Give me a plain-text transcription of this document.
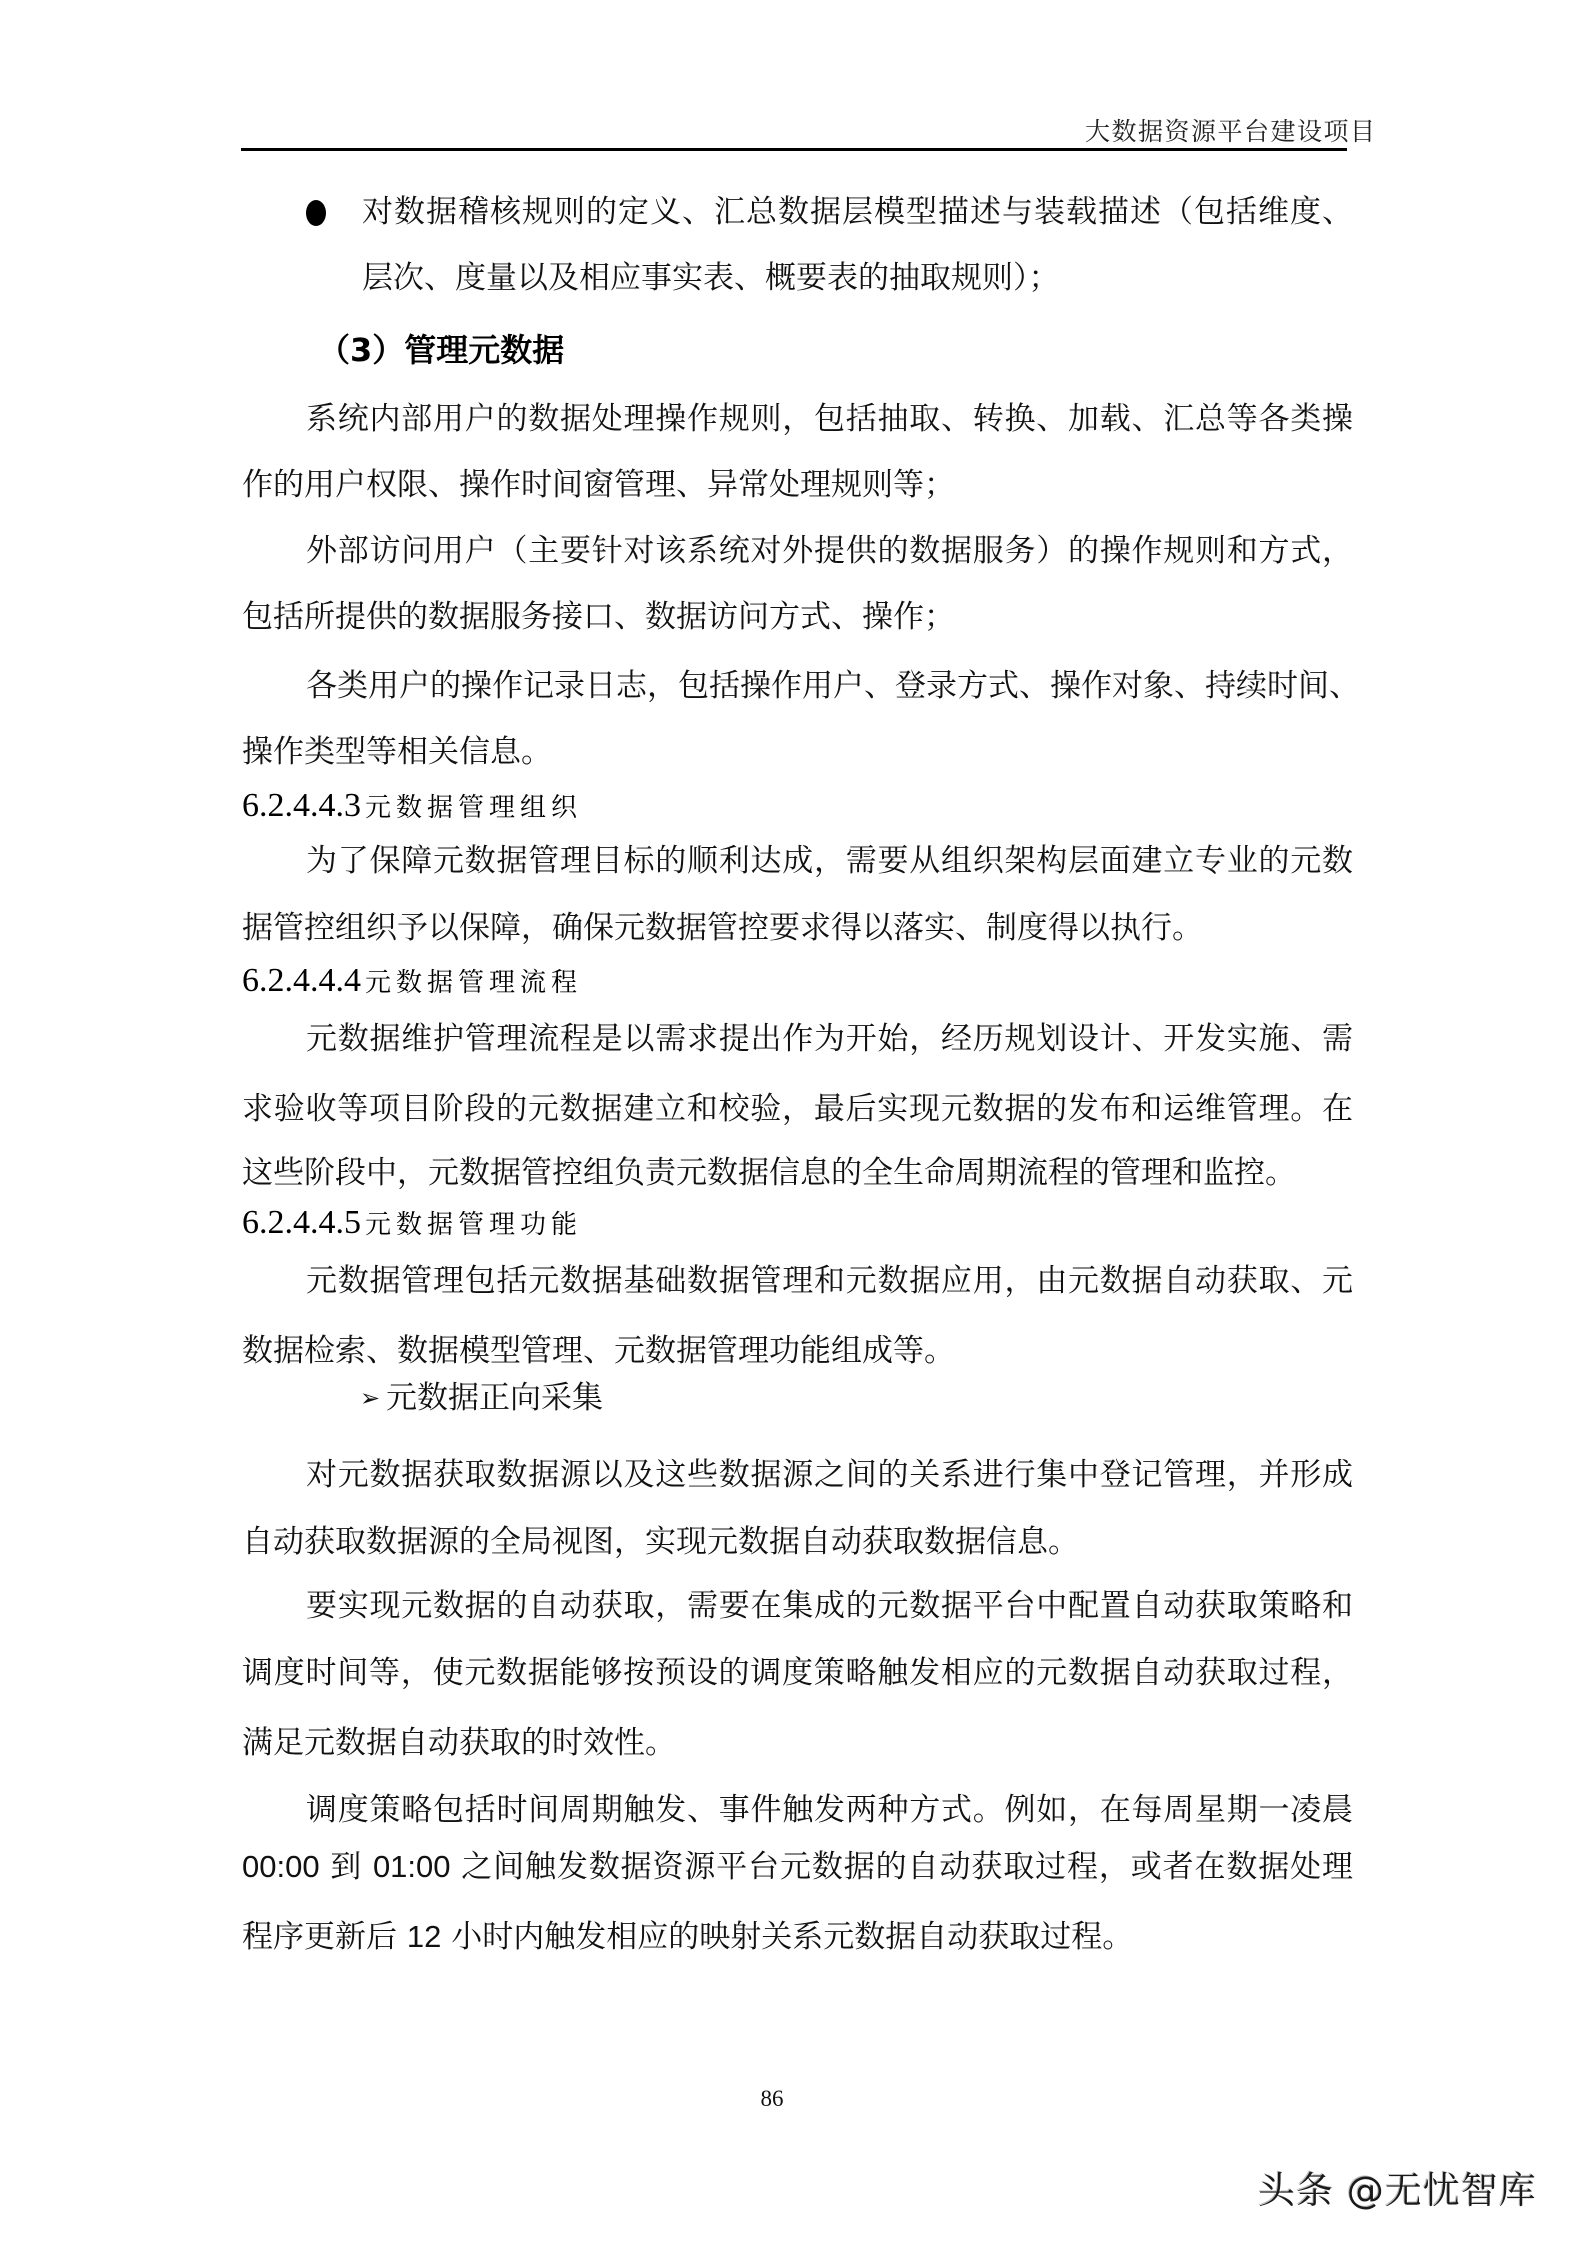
大数据资源平台建设项目
对数据稽核规则的定义、汇总数据层模型描述与装载描述（包括维度、
层次、度量以及相应事实表、概要表的抽取规则）；
（3）管理元数据
系统内部用户的数据处理操作规则，包括抽取、转换、加载、汇总等各类操
作的用户权限、操作时间窗管理、异常处理规则等；
外部访问用户（主要针对该系统对外提供的数据服务）的操作规则和方式，
包括所提供的数据服务接口、数据访问方式、操作；
各类用户的操作记录日志，包括操作用户、登录方式、操作对象、持续时间、
操作类型等相关信息。
6.2.4.4.3 元数据管理组织
为了保障元数据管理目标的顺利达成，需要从组织架构层面建立专业的元数
据管控组织予以保障，确保元数据管控要求得以落实、制度得以执行。
6.2.4.4.4 元数据管理流程
元数据维护管理流程是以需求提出作为开始，经历规划设计、开发实施、需
求验收等项目阶段的元数据建立和校验，最后实现元数据的发布和运维管理。在
这些阶段中，元数据管控组负责元数据信息的全生命周期流程的管理和监控。
6.2.4.4.5 元数据管理功能
元数据管理包括元数据基础数据管理和元数据应用，由元数据自动获取、元
数据检索、数据模型管理、元数据管理功能组成等。
➢ 元数据正向采集
对元数据获取数据源以及这些数据源之间的关系进行集中登记管理，并形成
自动获取数据源的全局视图，实现元数据自动获取数据信息。
要实现元数据的自动获取，需要在集成的元数据平台中配置自动获取策略和
调度时间等，使元数据能够按预设的调度策略触发相应的元数据自动获取过程，
满足元数据自动获取的时效性。
调度策略包括时间周期触发、事件触发两种方式。例如，在每周星期一凌晨
00:00 到 01:00 之间触发数据资源平台元数据的自动获取过程，或者在数据处理
程序更新后 12 小时内触发相应的映射关系元数据自动获取过程。
86
头条 @无忧智库
